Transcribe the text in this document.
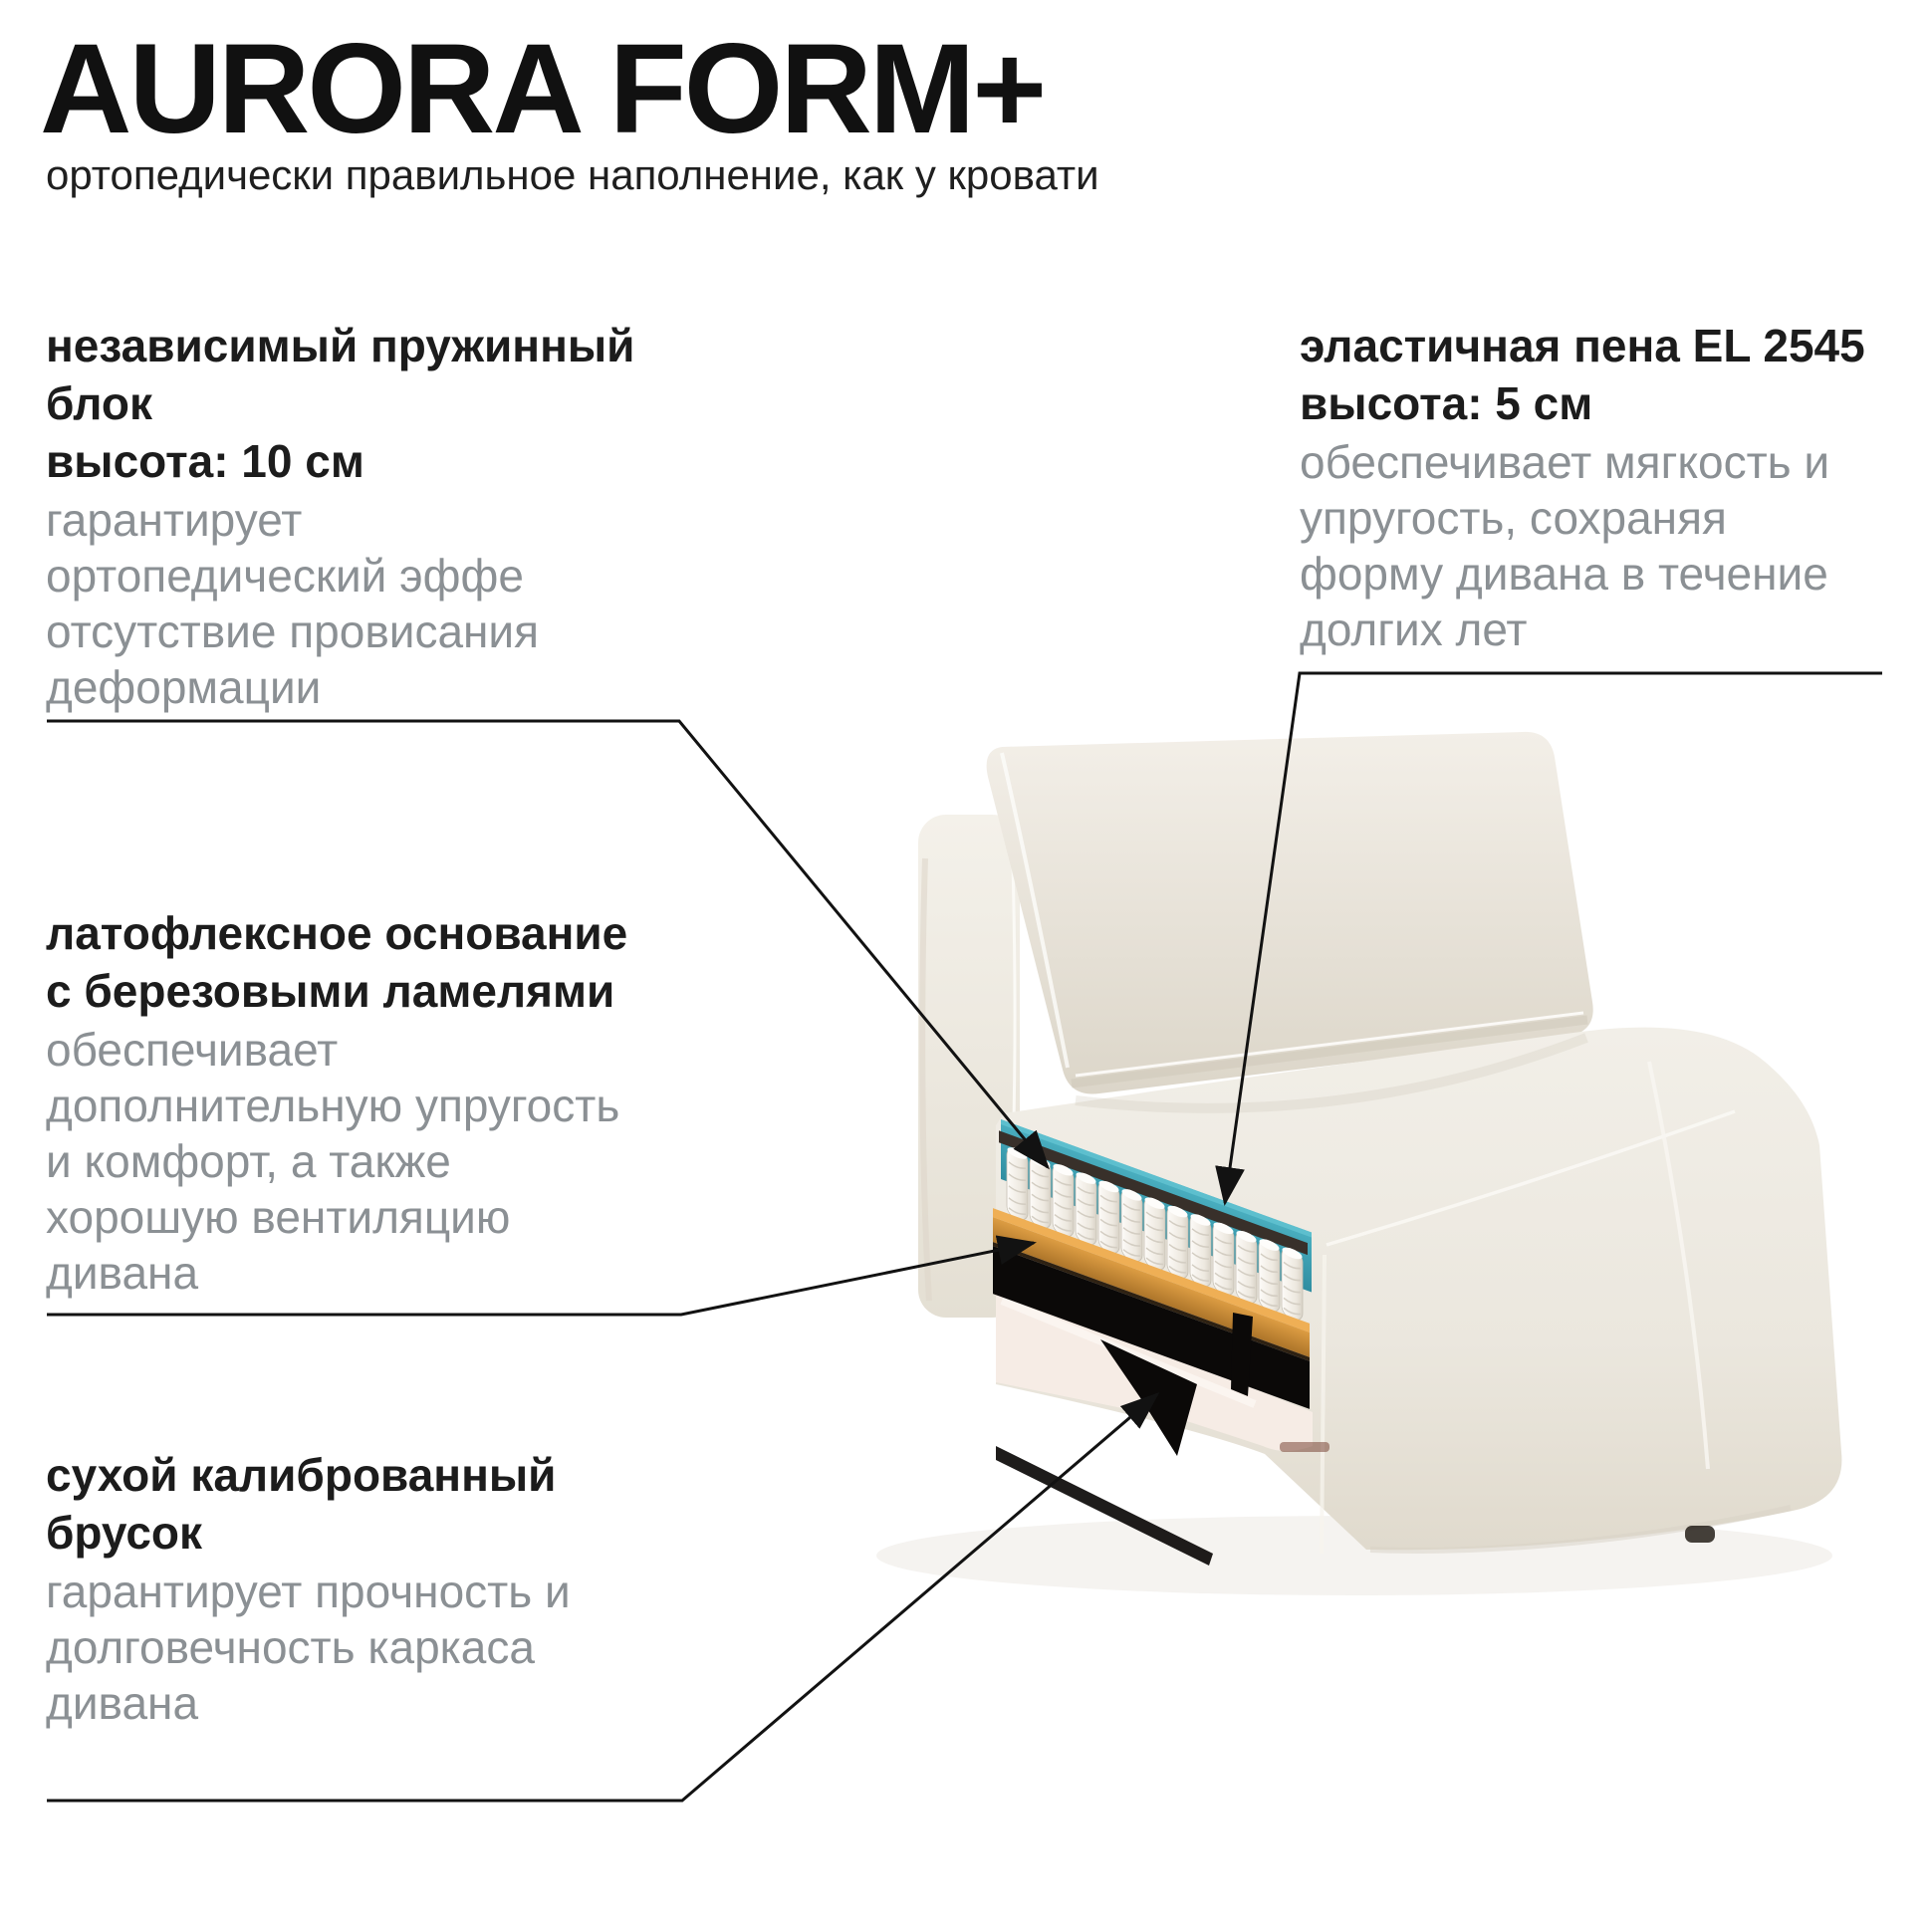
AURORA FORM+
ортопедически правильное наполнение, как у кровати
независимый пружинный
блок
высота: 10 см
гарантирует
ортопедический эффе
отсутствие провисания
деформации
эластичная пена EL 2545
высота: 5 см
обеспечивает мягкость и
упругость, сохраняя
форму дивана в течение
долгих лет
латофлексное основание
с березовыми ламелями
обеспечивает
дополнительную упругость
и комфорт, а также
хорошую вентиляцию
дивана
сухой калиброванный
брусок
гарантирует прочность и
долговечность каркаса
дивана
